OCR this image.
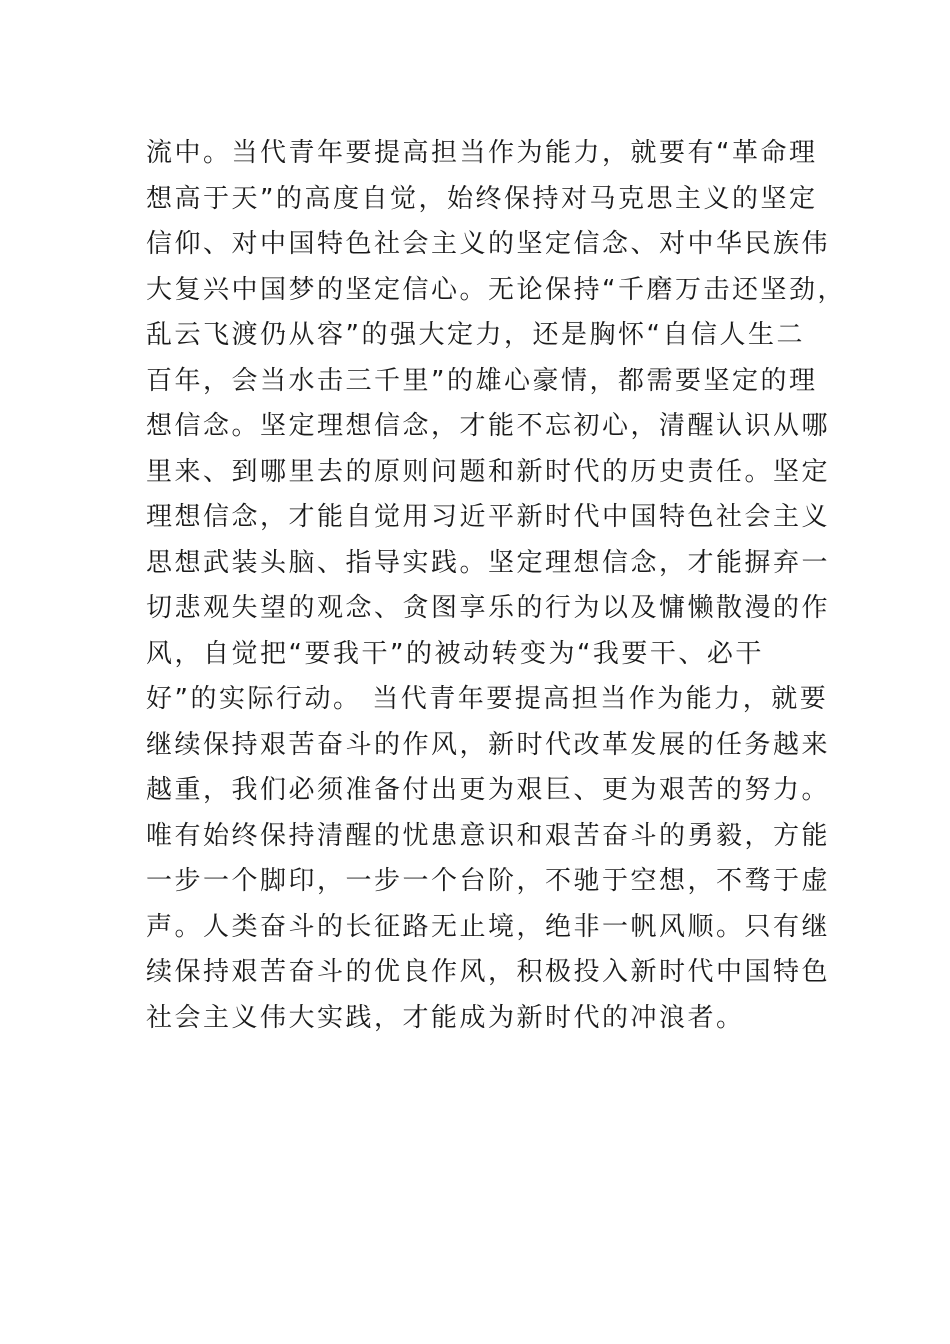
流中。当代青年要提高担当作为能力，就要有“革命理
想高于天”的高度自觉，始终保持对马克思主义的坚定
信仰、对中国特色社会主义的坚定信念、对中华民族伟
大复兴中国梦的坚定信心。无论保持“千磨万击还坚劲，
乱云飞渡仍从容”的强大定力，还是胸怀“自信人生二
百年，会当水击三千里”的雄心豪情，都需要坚定的理
想信念。坚定理想信念，才能不忘初心，清醒认识从哪
里来、到哪里去的原则问题和新时代的历史责任。坚定
理想信念，才能自觉用习近平新时代中国特色社会主义
思想武装头脑、指导实践。坚定理想信念，才能摒弃一
切悲观失望的观念、贪图享乐的行为以及慵懒散漫的作
风，自觉把“要我干”的被动转变为“我要干、必干
好”的实际行动。 当代青年要提高担当作为能力，就要
继续保持艰苦奋斗的作风，新时代改革发展的任务越来
越重，我们必须准备付出更为艰巨、更为艰苦的努力。
唯有始终保持清醒的忧患意识和艰苦奋斗的勇毅，方能
一步一个脚印，一步一个台阶，不驰于空想，不骛于虚
声。人类奋斗的长征路无止境，绝非一帆风顺。只有继
续保持艰苦奋斗的优良作风，积极投入新时代中国特色
社会主义伟大实践，才能成为新时代的冲浪者。
